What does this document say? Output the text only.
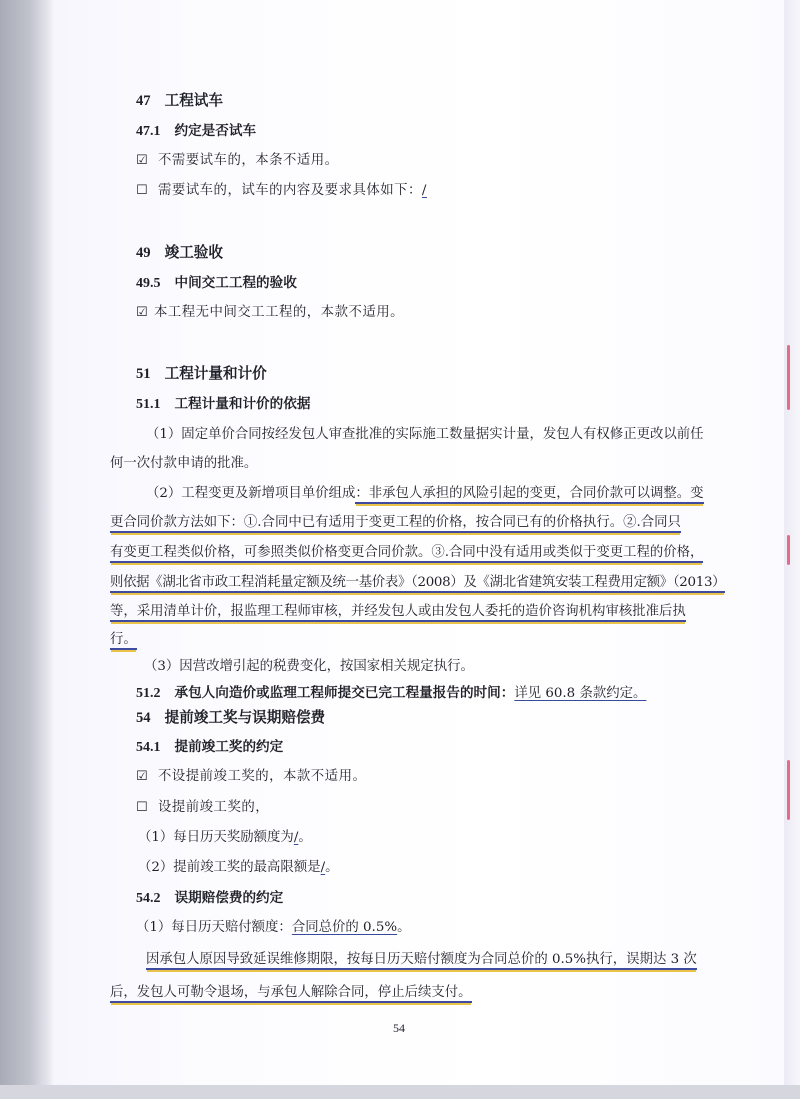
47 工程试车
47.1 约定是否试车
☑ 不需要试车的，本条不适用。
☐ 需要试车的，试车的内容及要求具体如下：/
49 竣工验收
49.5 中间交工工程的验收
☑ 本工程无中间交工工程的，本款不适用。
51 工程计量和计价
51.1 工程计量和计价的依据
（1）固定单价合同按经发包人审查批准的实际施工数量据实计量，发包人有权修正更改以前任
何一次付款申请的批准。
（2）工程变更及新增项目单价组成：非承包人承担的风险引起的变更，合同价款可以调整。变
更合同价款方法如下：①.合同中已有适用于变更工程的价格，按合同已有的价格执行。②.合同只
有变更工程类似价格，可参照类似价格变更合同价款。③.合同中没有适用或类似于变更工程的价格，
则依据《湖北省市政工程消耗量定额及统一基价表》（2008）及《湖北省建筑安装工程费用定额》（2013）
等，采用清单计价，报监理工程师审核，并经发包人或由发包人委托的造价咨询机构审核批准后执
行。
（3）因营改增引起的税费变化，按国家相关规定执行。
51.2 承包人向造价或监理工程师提交已完工程量报告的时间：详见 60.8 条款约定。
54 提前竣工奖与误期赔偿费
54.1 提前竣工奖的约定
☑ 不设提前竣工奖的，本款不适用。
☐ 设提前竣工奖的，
（1）每日历天奖励额度为/。
（2）提前竣工奖的最高限额是/。
54.2 误期赔偿费的约定
（1）每日历天赔付额度：合同总价的 0.5%。
因承包人原因导致延误维修期限，按每日历天赔付额度为合同总价的 0.5%执行，误期达 3 次
后，发包人可勒令退场，与承包人解除合同，停止后续支付。
54
